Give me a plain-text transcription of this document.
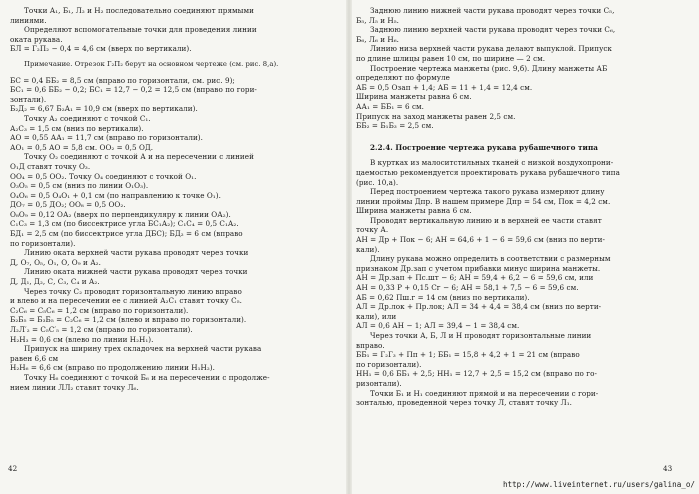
Точки А₁, Б₁, Л₂ и Н₂ последовательно соединяют прямыми
линиями.
Определяют вспомогательные точки для проведения линии
оката рукава.
БЛ = Г₂П₂ − 0,4 = 4,6 см (вверх по вертикали).
Примечание. Отрезок Г₂П₂ берут на основном чертеже (см. рис. 8,а).
БС = 0,4 ББ₂ = 8,5 см (вправо по горизонтали, см. рис. 9);
БС₁ = 0,6 ББ₂ − 0,2; БС₁ = 12,7 − 0,2 = 12,5 см (вправо по гори-
зонтали).
Б₂Д₂ = 6,67 Б₂А₁ = 10,9 см (вверх по вертикали).
Точку А₂ соединяют с точкой С₁.
А₂С₃ = 1,5 см (вниз по вертикали).
АО = 0,55 АА₁ = 11,7 см (вправо по горизонтали).
АО₁ = 0,5 АО = 5,8 см. ОО₂ = 0,5 ОД.
Точку О₂ соединяют с точкой А и на пересечении с линией
О₁Д ставят точку О₃.
ОО₄ = 0,5 ОО₂. Точку О₄ соединяют с точкой О₁.
О₃О₅ = 0,5 см (вниз по линии О₁О₃).
О₄О₆ = 0,5 О₄О₁ + 0,1 см (по направлению к точке О₁).
ДО₇ = 0,5 ДО₂; ОО₈ = 0,5 ОО₂.
О₈О₉ = 0,12 ОА₂ (вверх по перпендикуляру к линии ОА₂).
С₁С₃ = 1,3 см (по биссектрисе угла БС₁А₂); С₁С₄ = 0,5 С₁А₂.
БД₁ = 2,5 см (по биссектрисе угла ДБС); БД₂ = 6 см (вправо
по горизонтали).
Линию оката верхней части рукава проводят через точки
Д, О₇, О₅, О₁, О, О₉ и А₂.
Линию оката нижней части рукава проводят через точки
Д, Д₁, Д₂, С, С₃, С₄ и А₂.
Через точку С₂ проводят горизонтальную линию вправо
и влево и на пересечении ее с линией А₂С₁ ставят точку С₅.
С₂С₆ = С₅С₆ = 1,2 см (вправо по горизонтали).
Б₂Б₅ = Б₃Б₅ = С₂С₆ = 1,2 см (влево и вправо по горизонтали).
Л₂Л′₂ = С₅С′₅ = 1,2 см (вправо по горизонтали).
Н₂Н₃ = 0,6 см (влево по линии Н₂Н₁).
Припуск на ширину трех складочек на верхней части рукава
равен 6,6 см
Н₂Н₆ = 6,6 см (вправо по продолжению линии Н₁Н₂).
Точку Н₆ соединяют с точкой Б₆ и на пересечении с продолже-
нием линии ЛЛ₂ ставят точку Л₆.
Заднюю линию нижней части рукава проводят через точки С₅,
Б₅, Л₅ и Н₅.
Заднюю линию верхней части рукава проводят через точки С₆,
Б₆, Л₆ и Н₆.
Линию низа верхней части рукава делают выпуклой. Припуск
по длине шлицы равен 10 см, по ширине — 2 см.
Построение чертежа манжеты (рис. 9,б). Длину манжеты АБ
определяют по формуле
АБ = 0,5 Озап + 1,4; АБ = 11 + 1,4 = 12,4 см.
Ширина манжеты равна 6 см.
АА₁ = ББ₁ = 6 см.
Припуск на заход манжеты равен 2,5 см.
ББ₂ = Б₁Б₃ = 2,5 см.
2.2.4. Построение чертежа рукава рубашечного типа
В куртках из малоситстильных тканей с низкой воздухопрони-
цаемостью рекомендуется проектировать рукава рубашечного типа
(рис. 10,а).
Перед построением чертежа такого рукава измеряют длину
линии проймы Дпр. В нашем примере Дпр = 54 см, Пок = 4,2 см.
Ширина манжеты равна 6 см.
Проводят вертикальную линию и в верхней ее части ставят
точку А.
АН = Др + Пок − 6; АН = 64,6 + 1 − 6 = 59,6 см (вниз по верти-
кали).
Длину рукава можно определить в соответствии с размерным
признаком Др.зап с учетом прибавки минус ширина манжеты.
АН = Др.зап + Пс.шт − 6; АН = 59,4 + 6,2 − 6 = 59,6 см, или
АН = 0,33 Р + 0,15 Сг − 6; АН = 58,1 + 7,5 − 6 = 59,6 см.
АБ = 0,62 Пш.г = 14 см (вниз по вертикали).
АЛ = Др.лок + Пр.лок; АЛ = 34 + 4,4 = 38,4 см (вниз по верти-
кали), или
АЛ = 0,6 АН − 1; АЛ = 39,4 − 1 = 38,4 см.
Через точки А, Б, Л и Н проводят горизонтальные линии
вправо.
ББ₁ = Г₂Г₃ + Пп + 1; ББ₁ = 15,8 + 4,2 + 1 = 21 см (вправо
по горизонтали).
НН₁ = 0,6 ББ₁ + 2,5; НН₁ = 12,7 + 2,5 = 15,2 см (вправо по го-
ризонтали).
Точки Б₁ и Н₁ соединяют прямой и на пересечении с гори-
зонталью, проведенной через точку Л, ставят точку Л₁.
42	43
http://www.liveinternet.ru/users/galina_o/
